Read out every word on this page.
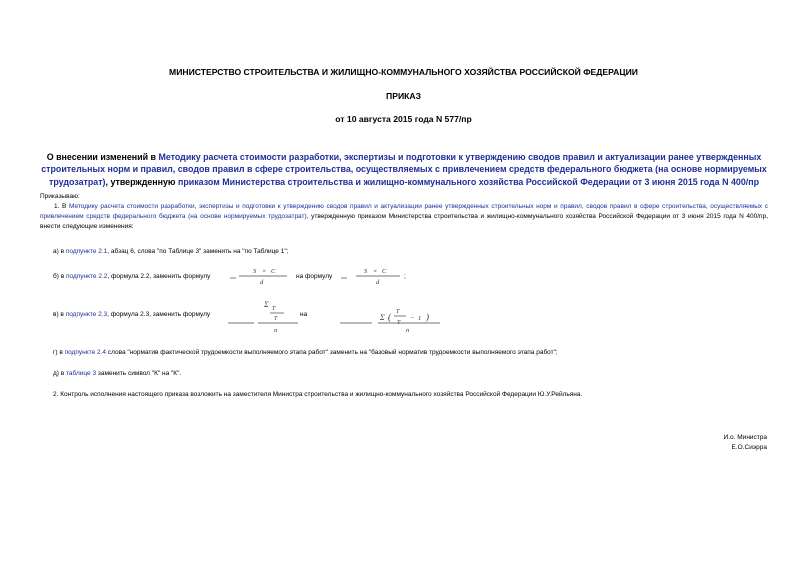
МИНИСТЕРСТВО СТРОИТЕЛЬСТВА И ЖИЛИЩНО-КОММУНАЛЬНОГО ХОЗЯЙСТВА РОССИЙСКОЙ ФЕДЕРАЦИИ
ПРИКАЗ
от 10 августа 2015 года N 577/пр
О внесении изменений в Методику расчета стоимости разработки, экспертизы и подготовки к утверждению сводов правил и актуализации ранее утвержденных строительных норм и правил, сводов правил в сфере строительства, осуществляемых с привлечением средств федерального бюджета (на основе нормируемых трудозатрат), утвержденную приказом Министерства строительства и жилищно-коммунального хозяйства Российской Федерации от 3 июня 2015 года N 400/пр
Приказываю:
1. В Методику расчета стоимости разработки, экспертизы и подготовки к утверждению сводов правил и актуализации ранее утвержденных строительных норм и правил, сводов правил в сфере строительства, осуществляемых с привлечением средств федерального бюджета (на основе нормируемых трудозатрат), утвержденную приказом Министерства строительства и жилищно-коммунального хозяйства Российской Федерации от 3 июня 2015 года N 400/пр, внести следующие изменения:
а) в подпункте 2.1, абзац 6, слова "по Таблице 3" заменить на "по Таблице 1";
б) в подпункте 2.2, формула 2.2, заменить формулу
S × C
d
на формулу
S × C
d
;
в) в подпункте 2.3, формула 2.3, заменить формулу
Σ T
T
n
на	Σ ( T
T
− 1 )
n
г) в подпункте 2.4 слова "норматив фактической трудоемкости выполняемого этапа работ" заменить на "базовый норматив трудоемкости выполняемого этапа работ";
д) в таблице 3 заменить символ "К" на "К".
2. Контроль исполнения настоящего приказа возложить на заместителя Министра строительства и жилищно-коммунального хозяйства Российской Федерации Ю.У.Рейльяна.
И.о. Министра
Е.О.Сиэрра
